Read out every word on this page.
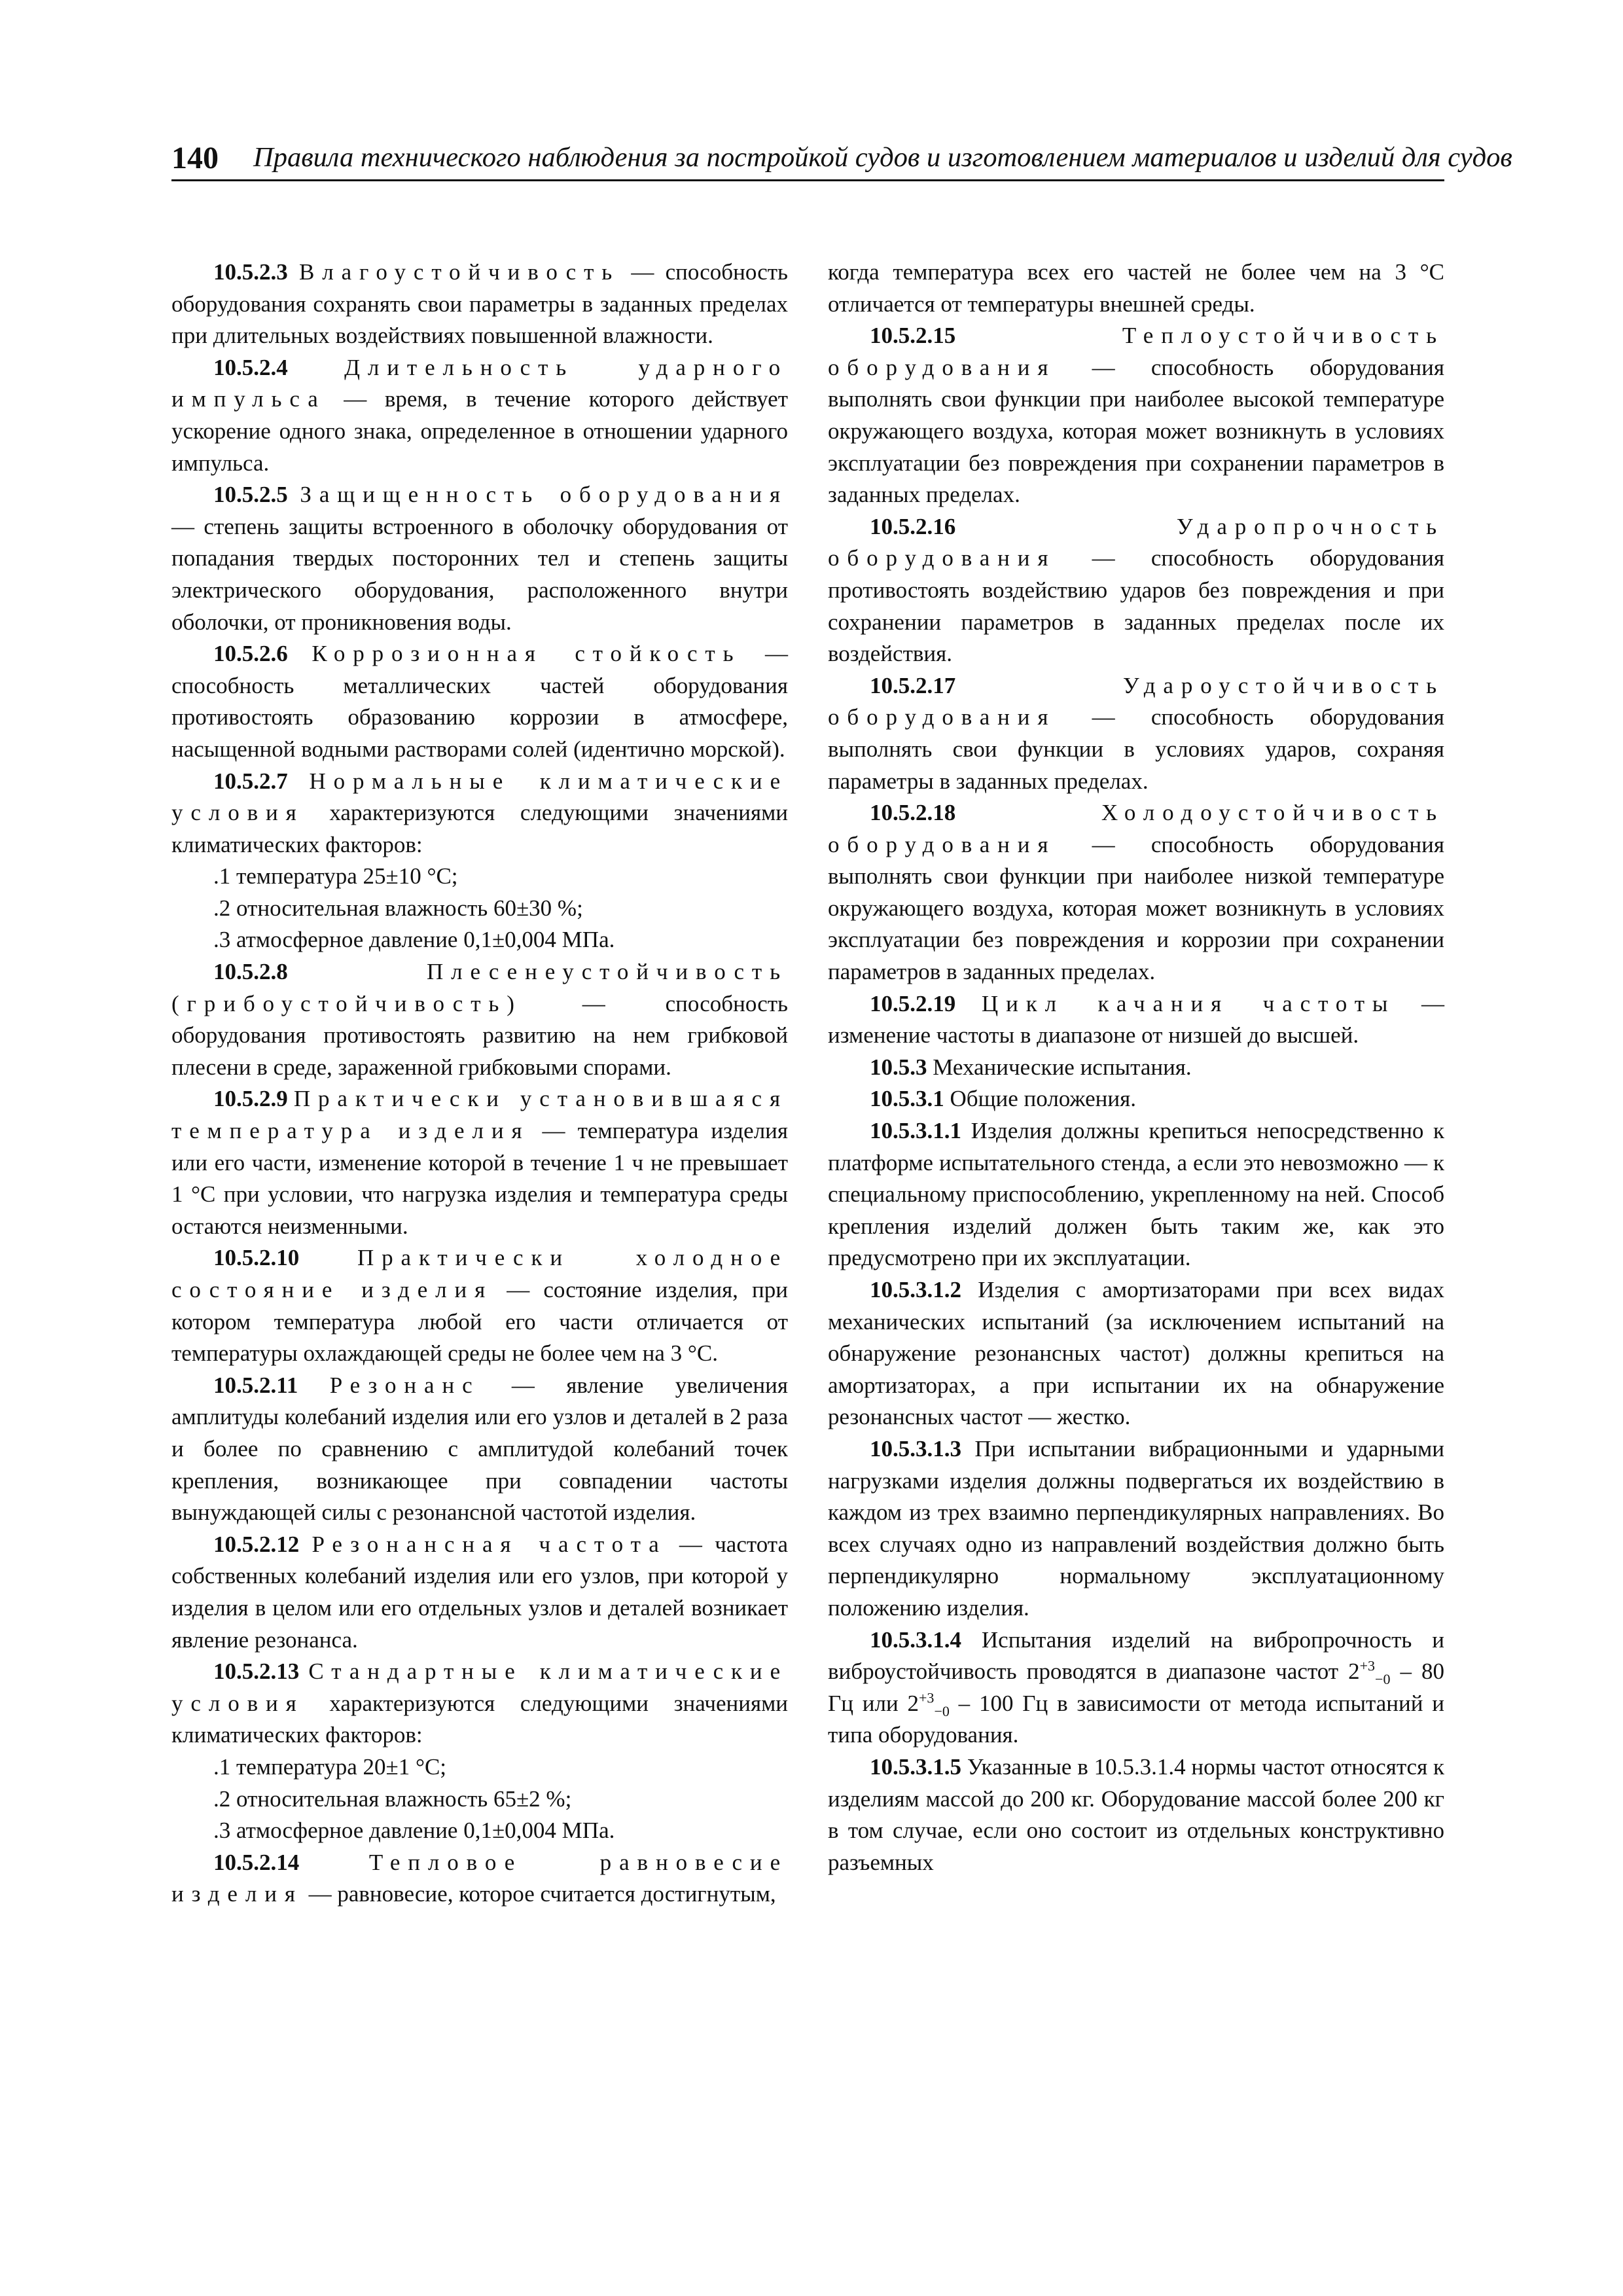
140 Правила технического наблюдения за постройкой судов и изготовлением материалов и изделий для судов

10.5.2.3 Влагоустойчивость — способность оборудования сохранять свои параметры в заданных пределах при длительных воздействиях повышенной влажности.

10.5.2.4 Длительность ударного импульса — время, в течение которого действует ускорение одного знака, определенное в отношении ударного импульса.

10.5.2.5 Защищенность оборудования — степень защиты встроенного в оболочку оборудования от попадания твердых посторонних тел и степень защиты электрического оборудования, расположенного внутри оболочки, от проникновения воды.

10.5.2.6 Коррозионная стойкость — способность металлических частей оборудования противостоять образованию коррозии в атмосфере, насыщенной водными растворами солей (идентично морской).

10.5.2.7 Нормальные климатические условия характеризуются следующими значениями климатических факторов:

.1 температура 25±10 °C;

.2 относительная влажность 60±30 %;

.3 атмосферное давление 0,1±0,004 МПа.

10.5.2.8	Плесенеустойчивость (грибоустойчивость) — способность оборудования противостоять развитию на нем грибковой плесени в среде, зараженной грибковыми спорами.

10.5.2.9 Практически установившаяся температура изделия — температура изделия или его части, изменение которой в течение 1 ч не превышает 1 °C при условии, что нагрузка изделия и температура среды остаются неизменными.

10.5.2.10	Практически холодное состояние изделия — состояние изделия, при котором температура любой его части отличается от температуры охлаждающей среды не более чем на 3 °C.

10.5.2.11 Резонанс — явление увеличения амплитуды колебаний изделия или его узлов и деталей в 2 раза и более по сравнению с амплитудой колебаний точек крепления, возникающее при совпадении частоты вынуждающей силы с резонансной частотой изделия.

10.5.2.12 Резонансная частота — частота собственных колебаний изделия или его узлов, при которой у изделия в целом или его отдельных узлов и деталей возникает явление резонанса.

10.5.2.13 Стандартные климатические условия характеризуются следующими значениями климатических факторов:

.1 температура 20±1 °C;

.2 относительная влажность 65±2 %;

.3 атмосферное давление 0,1±0,004 МПа.

10.5.2.14	Тепловое равновесие изделия — равновесие, которое считается достигнутым,

когда температура всех его частей не более чем на 3 °C отличается от температуры внешней среды.

10.5.2.15	Теплоустойчивость оборудования — способность оборудования выполнять свои функции при наиболее высокой температуре окружающего воздуха, которая может возникнуть в условиях эксплуатации без повреждения при сохранении параметров в заданных пределах.

10.5.2.16	Ударопрочность оборудования — способность оборудования противостоять воздействию ударов без повреждения и при сохранении параметров в заданных пределах после их воздействия.

10.5.2.17	Удароустойчивость оборудования — способность оборудования выполнять свои функции в условиях ударов, сохраняя параметры в заданных пределах.

10.5.2.18	Холодоустойчивость оборудования — способность оборудования выполнять свои функции при наиболее низкой температуре окружающего воздуха, которая может возникнуть в условиях эксплуатации без повреждения и коррозии при сохранении параметров в заданных пределах.

10.5.2.19 Цикл качания частоты — изменение частоты в диапазоне от низшей до высшей.

10.5.3 Механические испытания.

10.5.3.1 Общие положения.

10.5.3.1.1 Изделия должны крепиться непосредственно к платформе испытательного стенда, а если это невозможно — к специальному приспособлению, укрепленному на ней. Способ крепления изделий должен быть таким же, как это предусмотрено при их эксплуатации.

10.5.3.1.2 Изделия с амортизаторами при всех видах механических испытаний (за исключением испытаний на обнаружение резонансных частот) должны крепиться на амортизаторах, а при испытании их на обнаружение резонансных частот — жестко.

10.5.3.1.3 При испытании вибрационными и ударными нагрузками изделия должны подвергаться их воздействию в каждом из трех взаимно перпендикулярных направлениях. Во всех случаях одно из направлений воздействия должно быть перпендикулярно нормальному эксплуатационному положению изделия.

10.5.3.1.4 Испытания изделий на вибропрочность и виброустойчивость проводятся в диапазоне частот $2^{+3}_{-0} - 80$ Гц или $2^{+3}_{-0} - 100$ Гц в зависимости от метода испытаний и типа оборудования.

10.5.3.1.5 Указанные в 10.5.3.1.4 нормы частот относятся к изделиям массой до 200 кг. Оборудование массой более 200 кг в том случае, если оно состоит из отдельных конструктивно разъемных
